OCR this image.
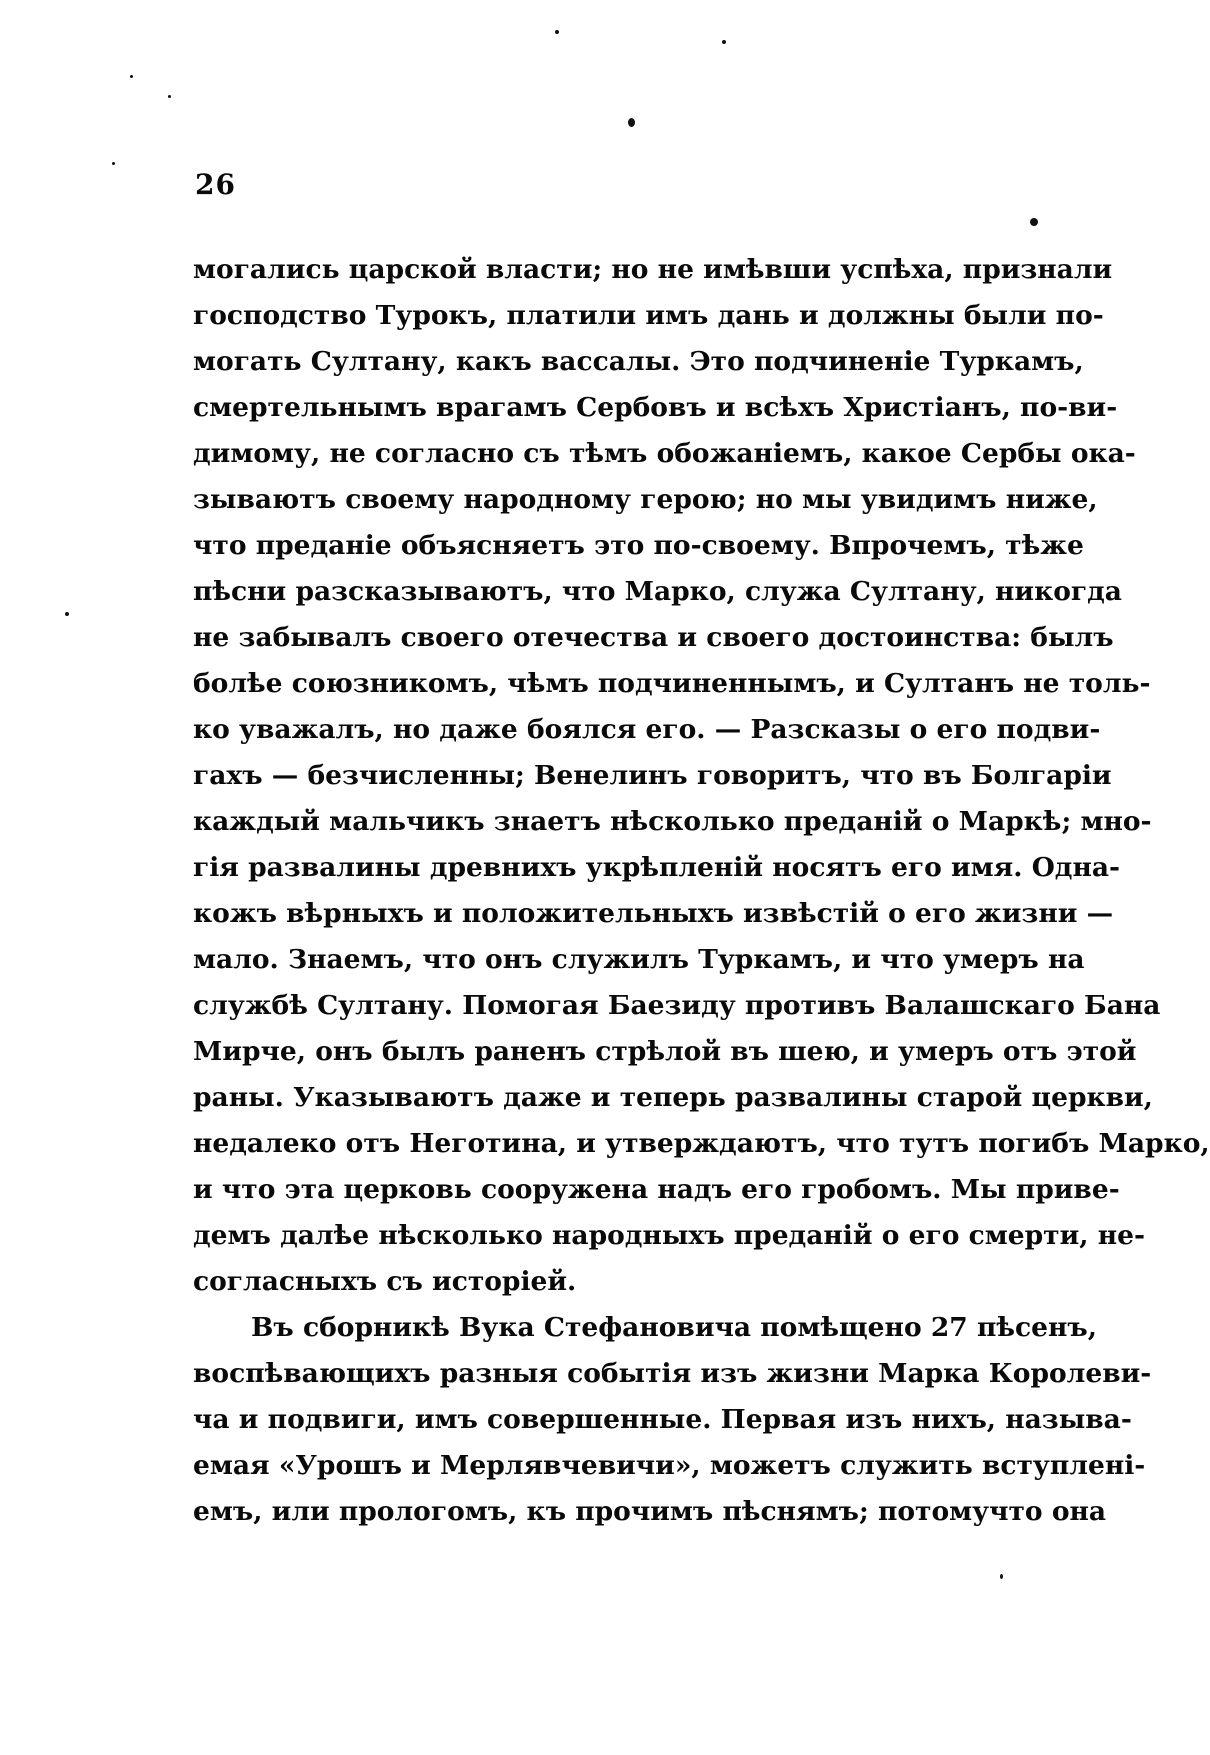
26
могались царской власти; но не имѣвши успѣха, признали
господство Турокъ, платили имъ дань и должны были по-
могать Султану, какъ вассалы. Это подчиненіе Туркамъ,
смертельнымъ врагамъ Сербовъ и всѣхъ Христіанъ, по-ви-
димому, не согласно съ тѣмъ обожаніемъ, какое Сербы ока-
зываютъ своему народному герою; но мы увидимъ ниже,
что преданіе объясняетъ это по-своему. Впрочемъ, тѣже
пѣсни разсказываютъ, что Марко, служа Султану, никогда
не забывалъ своего отечества и своего достоинства: былъ
болѣе союзникомъ, чѣмъ подчиненнымъ, и Султанъ не толь-
ко уважалъ, но даже боялся его. — Разсказы о его подви-
гахъ — безчисленны; Венелинъ говоритъ, что въ Болгаріи
каждый мальчикъ знаетъ нѣсколько преданій о Маркѣ; мно-
гія развалины древнихъ укрѣпленій носятъ его имя. Одна-
кожъ вѣрныхъ и положительныхъ извѣстій о его жизни —
мало. Знаемъ, что онъ служилъ Туркамъ, и что умеръ на
службѣ Султану. Помогая Баезиду противъ Валашскаго Бана
Мирче, онъ былъ раненъ стрѣлой въ шею, и умеръ отъ этой
раны. Указываютъ даже и теперь развалины старой церкви,
недалеко отъ Неготина, и утверждаютъ, что тутъ погибъ Марко,
и что эта церковь сооружена надъ его гробомъ. Мы приве-
демъ далѣе нѣсколько народныхъ преданій о его смерти, не-
согласныхъ съ исторіей.
Въ сборникѣ Вука Стефановича помѣщено 27 пѣсенъ,
воспѣвающихъ разныя событія изъ жизни Марка Королеви-
ча и подвиги, имъ совершенные. Первая изъ нихъ, называ-
емая «Урошъ и Мерлявчевичи», можетъ служить вступлені-
емъ, или прологомъ, къ прочимъ пѣснямъ; потомучто она
